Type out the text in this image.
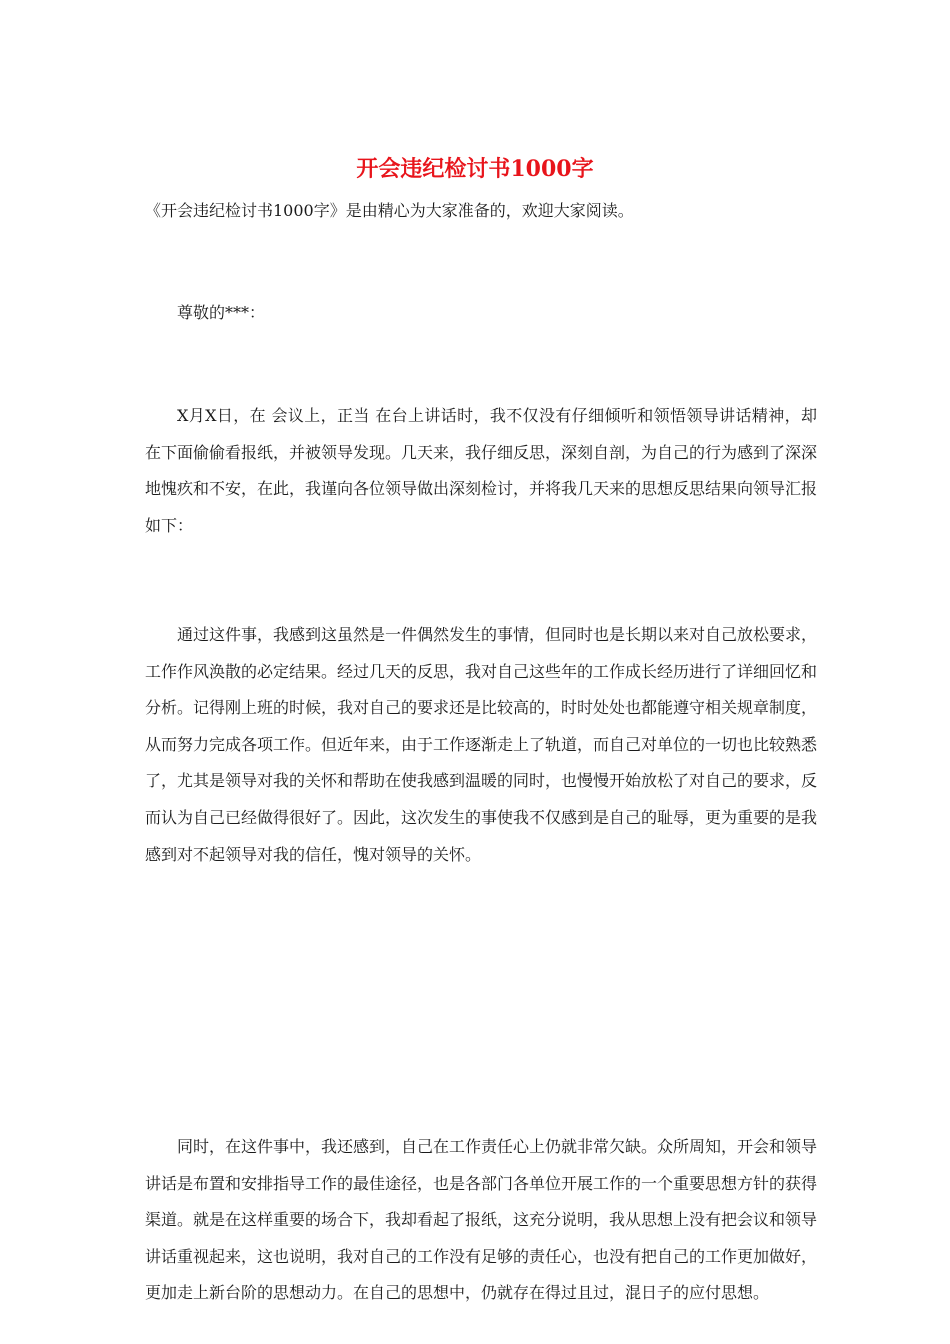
开会违纪检讨书1000字

《开会违纪检讨书1000字》是由精心为大家准备的，欢迎大家阅读。

尊敬的***：

X月X日，在 会议上，正当 在台上讲话时，我不仅没有仔细倾听和领悟领导讲话精神，却在下面偷偷看报纸，并被领导发现。几天来，我仔细反思，深刻自剖，为自己的行为感到了深深地愧疚和不安，在此，我谨向各位领导做出深刻检讨，并将我几天来的思想反思结果向领导汇报如下：

通过这件事，我感到这虽然是一件偶然发生的事情，但同时也是长期以来对自己放松要求，工作作风涣散的必定结果。经过几天的反思，我对自己这些年的工作成长经历进行了详细回忆和分析。记得刚上班的时候，我对自己的要求还是比较高的，时时处处也都能遵守相关规章制度，从而努力完成各项工作。但近年来，由于工作逐渐走上了轨道，而自己对单位的一切也比较熟悉了，尤其是领导对我的关怀和帮助在使我感到温暖的同时，也慢慢开始放松了对自己的要求，反而认为自己已经做得很好了。因此，这次发生的事使我不仅感到是自己的耻辱，更为重要的是我感到对不起领导对我的信任，愧对领导的关怀。

同时，在这件事中，我还感到，自己在工作责任心上仍就非常欠缺。众所周知，开会和领导讲话是布置和安排指导工作的最佳途径，也是各部门各单位开展工作的一个重要思想方针的获得渠道。就是在这样重要的场合下，我却看起了报纸，这充分说明，我从思想上没有把会议和领导讲话重视起来，这也说明，我对自己的工作没有足够的责任心，也没有把自己的工作更加做好，更加走上新台阶的思想动力。在自己的思想中，仍就存在得过且过，混日子的应付思想。
